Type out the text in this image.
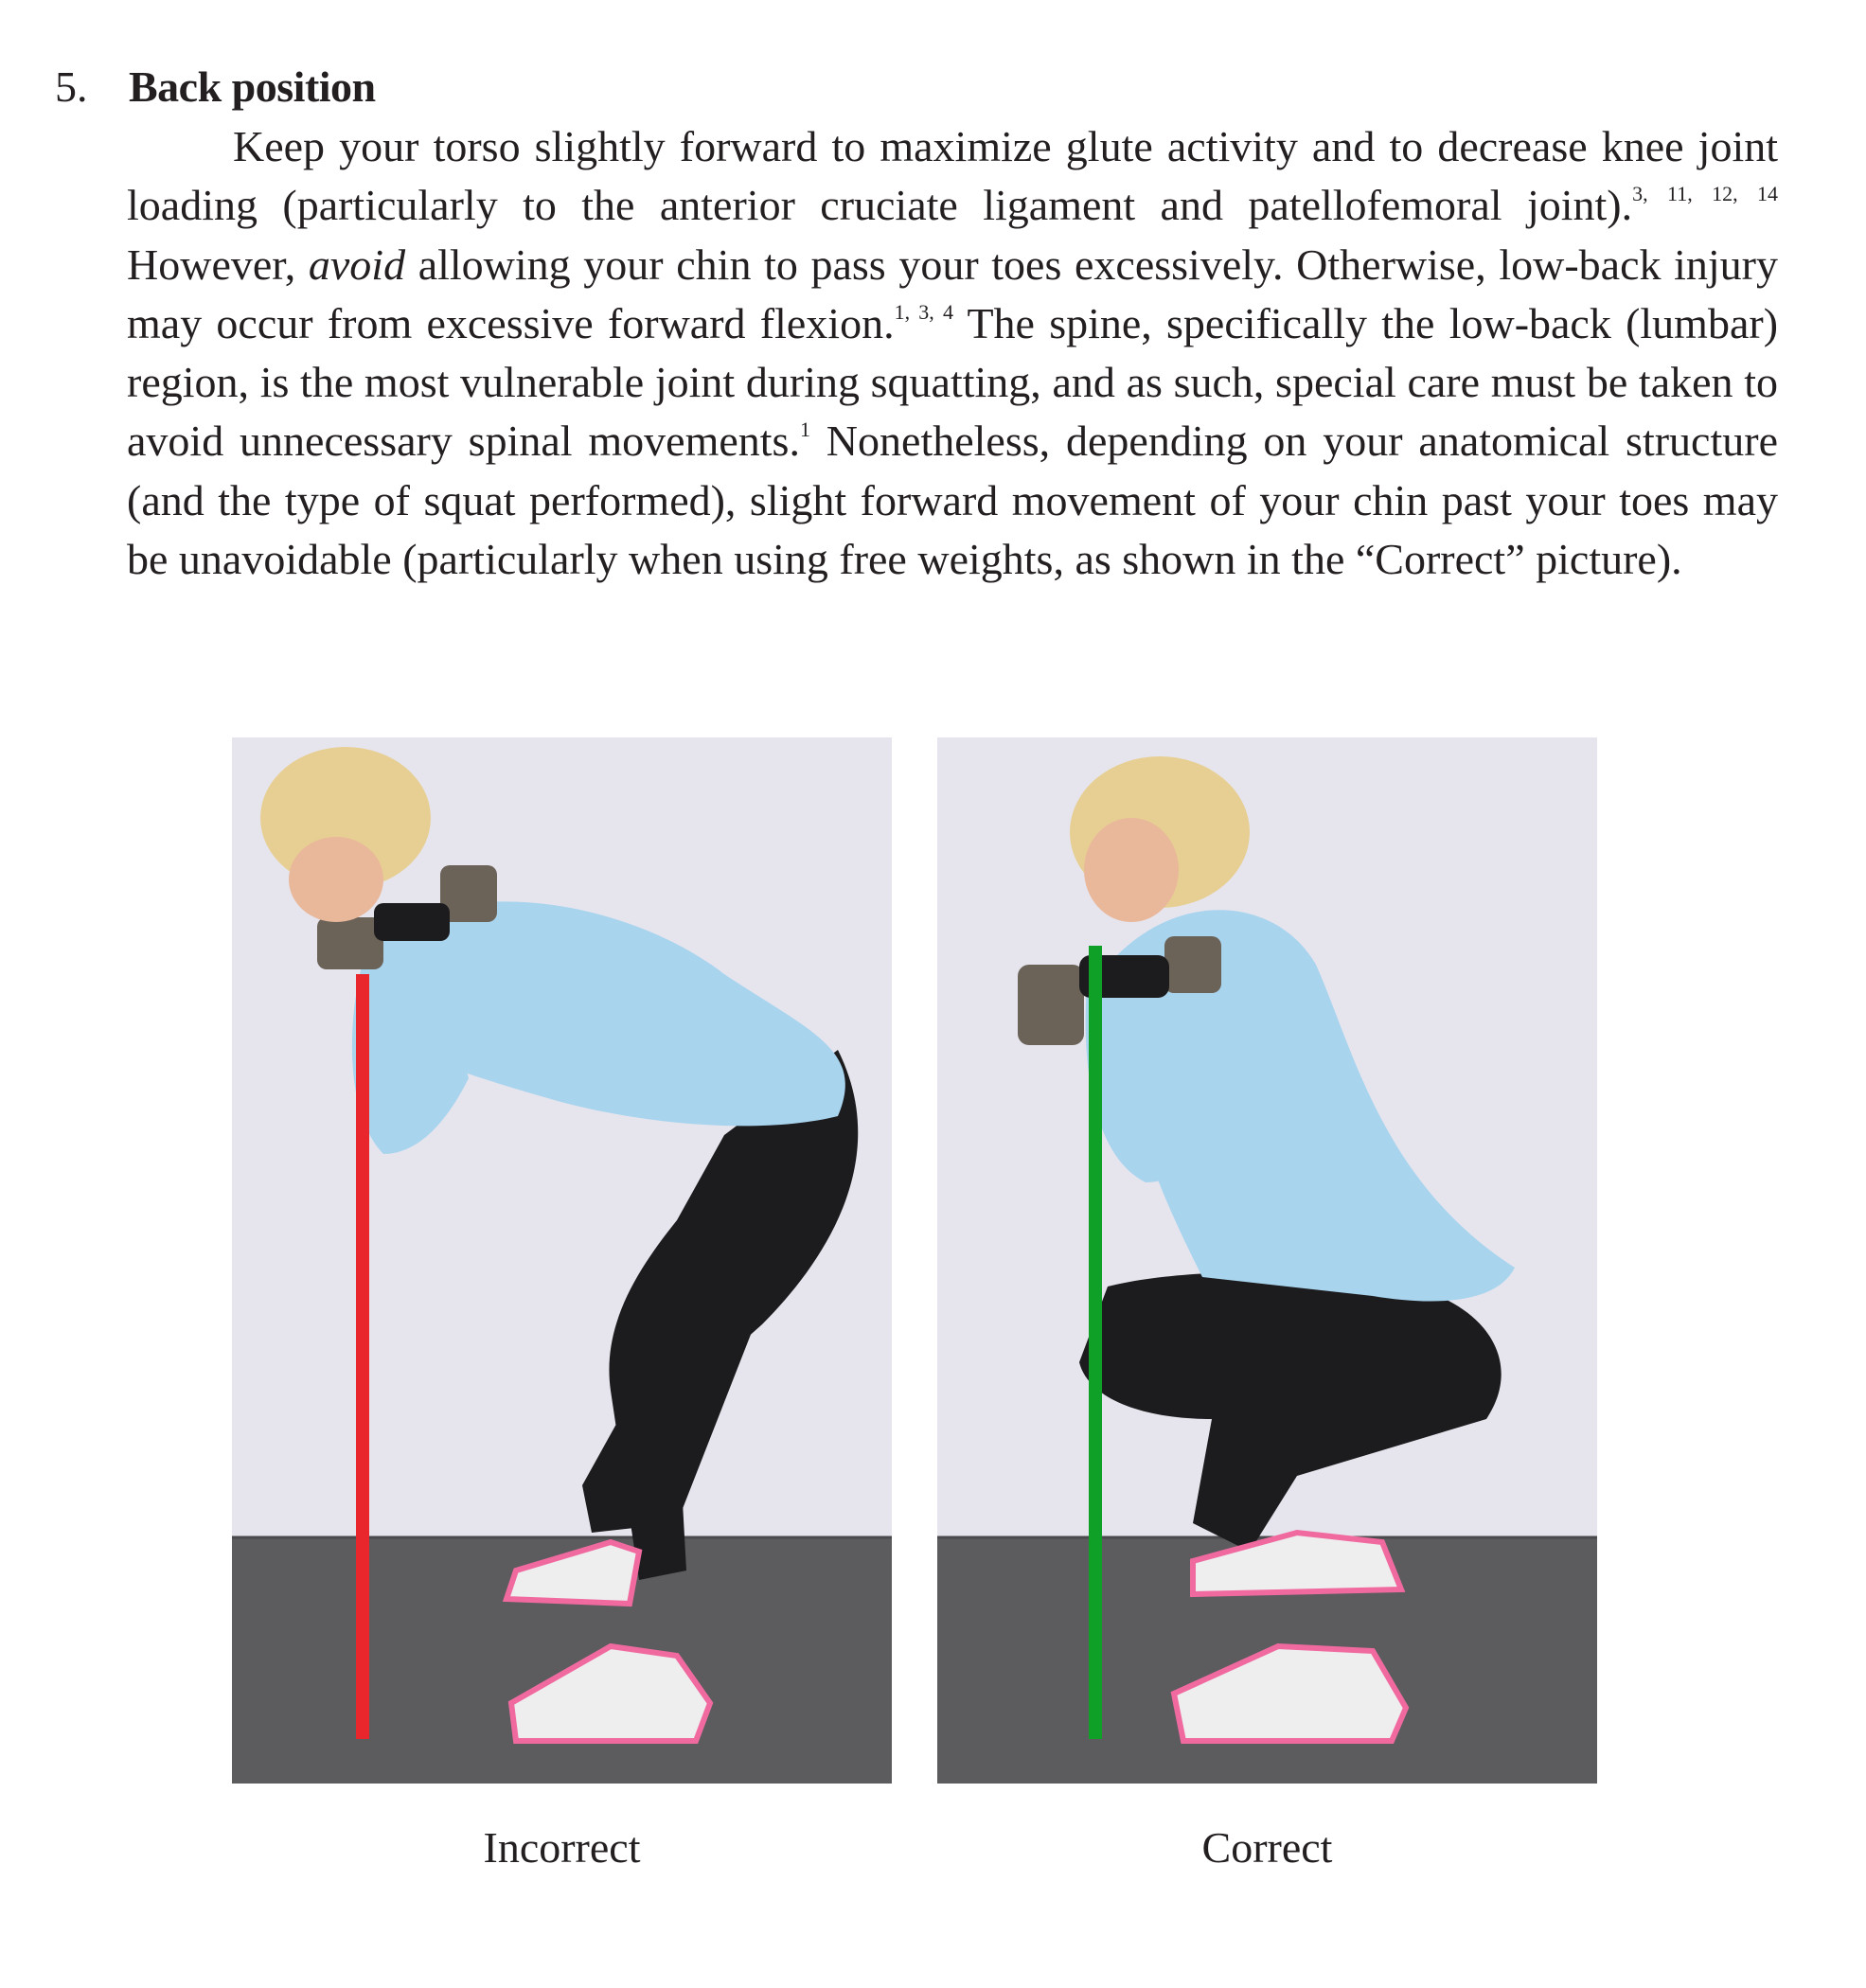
5. Back position

Keep your torso slightly forward to maximize glute activity and to decrease knee joint loading (particularly to the anterior cruciate ligament and patellofemoral joint).$^{3, 11, 12, 14}$ However, avoid allowing your chin to pass your toes excessively. Otherwise, low-back injury may occur from excessive forward flexion.$^{1, 3, 4}$ The spine, specifically the low-back (lumbar) region, is the most vulnerable joint during squatting, and as such, special care must be taken to avoid unnecessary spinal movements.$^1$ Nonetheless, depending on your anatomical structure (and the type of squat performed), slight forward movement of your chin past your toes may be unavoidable (particularly when using free weights, as shown in the “Correct” picture).

Incorrect	Correct
